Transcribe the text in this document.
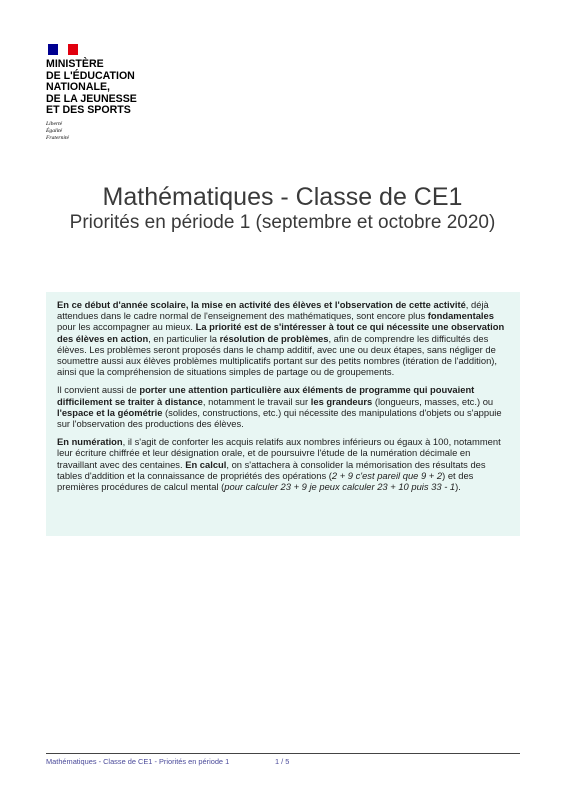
MINISTÈRE
DE L'ÉDUCATION
NATIONALE,
DE LA JEUNESSE
ET DES SPORTS
Liberté
Égalité
Fraternité
Mathématiques - Classe de CE1
Priorités en période 1 (septembre et octobre 2020)

En ce début d'année scolaire, la mise en activité des élèves et l'observation de cette activité, déjà attendues dans le cadre normal de l'enseignement des mathématiques, sont encore plus fondamentales pour les accompagner au mieux. La priorité est de s'intéresser à tout ce qui nécessite une observation des élèves en action, en particulier la résolution de problèmes, afin de comprendre les difficultés des élèves. Les problèmes seront proposés dans le champ additif, avec une ou deux étapes, sans négliger de soumettre aussi aux élèves problèmes multiplicatifs portant sur des petits nombres (itération de l'addition), ainsi que la compréhension de situations simples de partage ou de groupements.

Il convient aussi de porter une attention particulière aux éléments de programme qui pouvaient difficilement se traiter à distance, notamment le travail sur les grandeurs (longueurs, masses, etc.) ou l'espace et la géométrie (solides, constructions, etc.) qui nécessite des manipulations d'objets ou s'appuie sur l'observation des productions des élèves.

En numération, il s'agit de conforter les acquis relatifs aux nombres inférieurs ou égaux à 100, notamment leur écriture chiffrée et leur désignation orale, et de poursuivre l'étude de la numération décimale en travaillant avec des centaines. En calcul, on s'attachera à consolider la mémorisation des résultats des tables d'addition et la connaissance de propriétés des opérations (2 + 9 c'est pareil que 9 + 2) et des premières procédures de calcul mental (pour calculer 23 + 9 je peux calculer 23 + 10 puis 33 - 1).

Mathématiques - Classe de CE1 - Priorités en période 1	1 / 5
